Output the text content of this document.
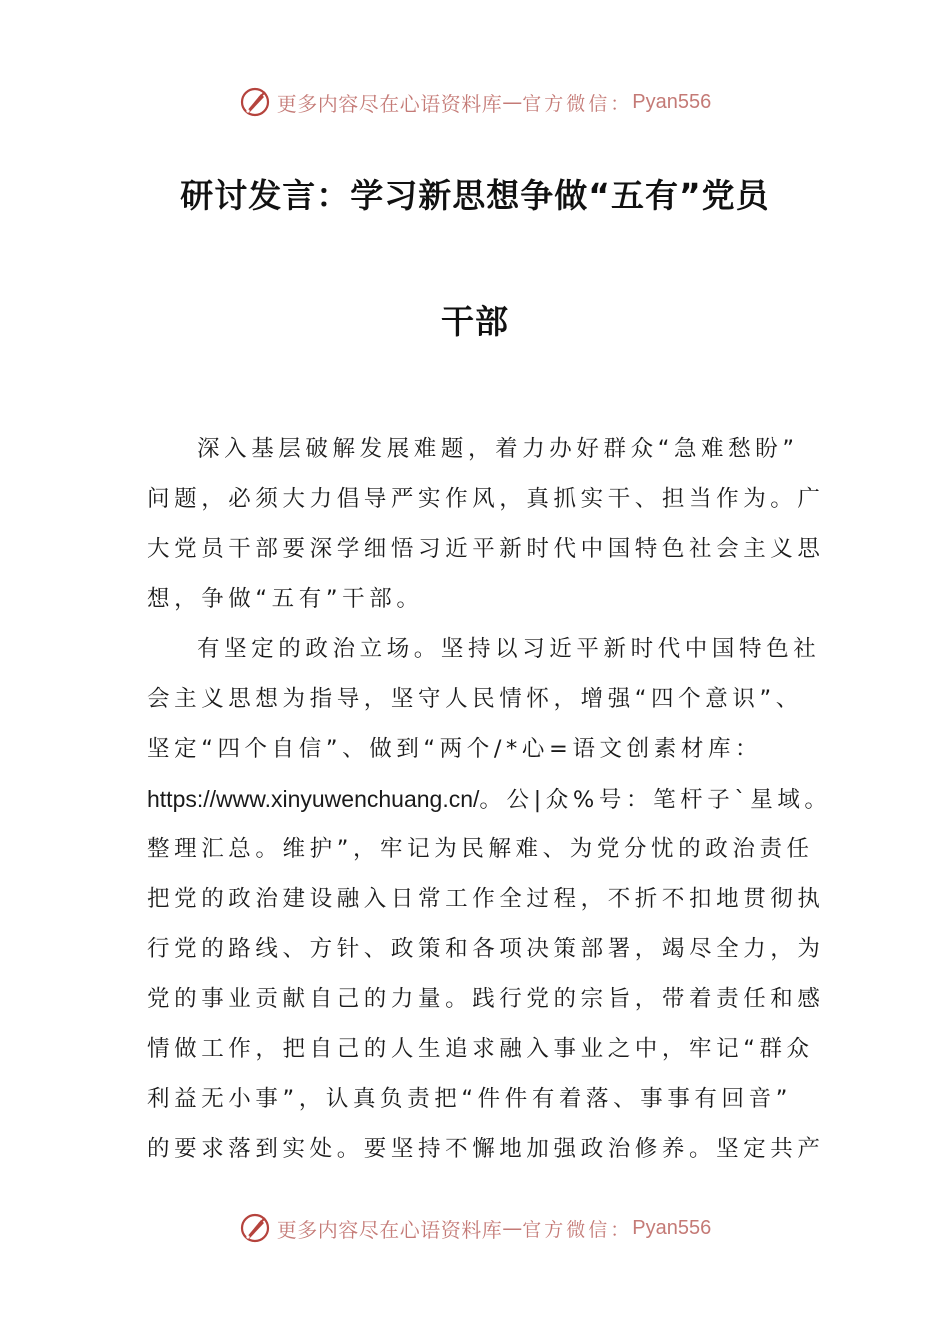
更多内容尽在心语资料库 — 官方微信： Pyan556
研讨发言：学习新思想争做“五有”党员
干部
深入基层破解发展难题，着力办好群众“急难愁盼”
问题，必须大力倡导严实作风，真抓实干、担当作为。广
大党员干部要深学细悟习近平新时代中国特色社会主义思
想，争做“五有”干部。
有坚定的政治立场。坚持以习近平新时代中国特色社
会主义思想为指导，坚守人民情怀，增强“四个意识”、
坚定“四个自信”、做到“两个/*心=语文创素材库：
https://www.xinyuwenchuang.cn/。公|众%号：笔杆子`星域。
整理汇总。维护”，牢记为民解难、为党分忧的政治责任
把党的政治建设融入日常工作全过程，不折不扣地贯彻执
行党的路线、方针、政策和各项决策部署，竭尽全力，为
党的事业贡献自己的力量。践行党的宗旨，带着责任和感
情做工作，把自己的人生追求融入事业之中，牢记“群众
利益无小事”，认真负责把“件件有着落、事事有回音”
的要求落到实处。要坚持不懈地加强政治修养。坚定共产
更多内容尽在心语资料库 — 官方微信： Pyan556
